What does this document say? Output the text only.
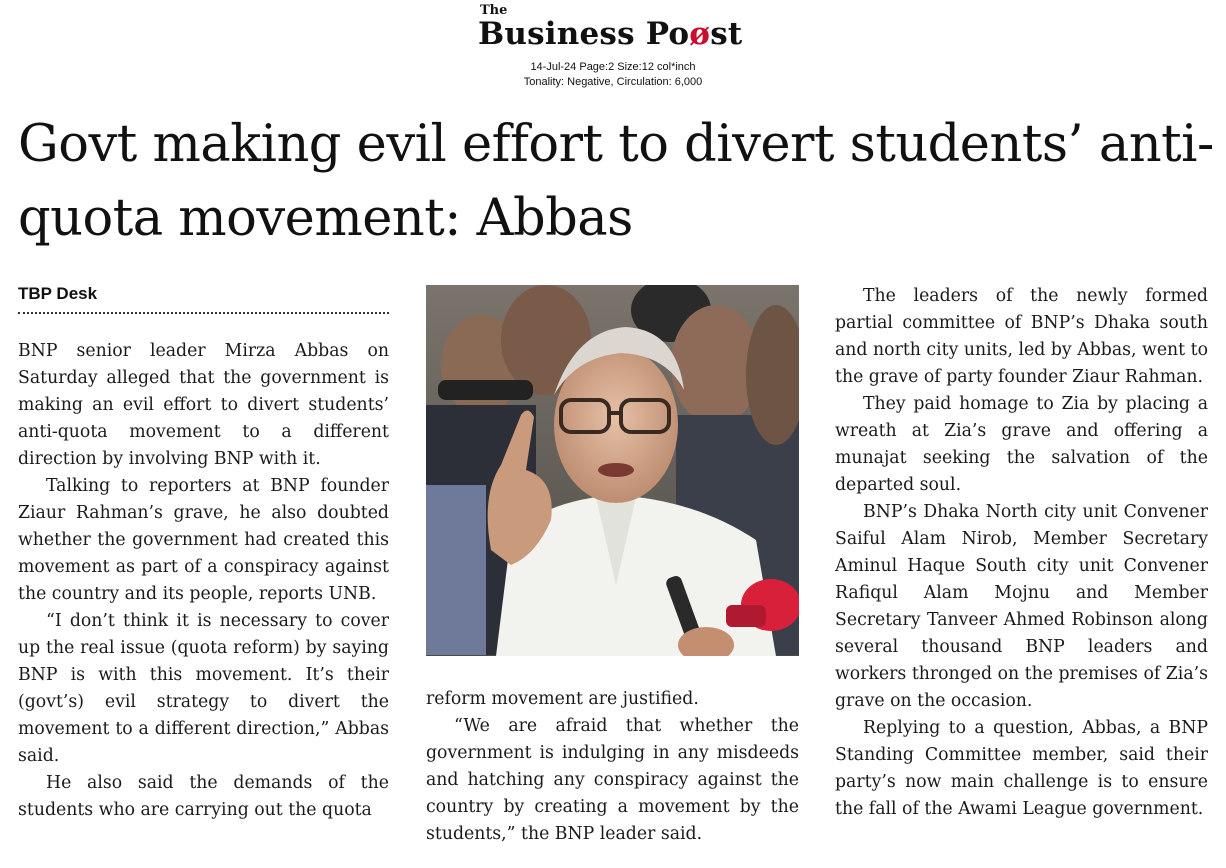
The
Business Poøst
14-Jul-24 Page:2 Size:12 col*inch
Tonality: Negative, Circulation: 6,000
Govt making evil effort to divert students’ anti-quota movement: Abbas
TBP Desk

BNP senior leader Mirza Abbas on Saturday alleged that the government is making an evil effort to divert students’ anti-quota movement to a different direction by involving BNP with it.

Talking to reporters at BNP founder Ziaur Rahman’s grave, he also doubted whether the government had created this movement as part of a conspiracy against the country and its people, reports UNB.

“I don’t think it is necessary to cover up the real issue (quota reform) by saying BNP is with this movement. It’s their (govt’s) evil strategy to divert the movement to a different direction,” Abbas said.

He also said the demands of the students who are carrying out the quota

reform movement are justified.

“We are afraid that whether the government is indulging in any misdeeds and hatching any conspiracy against the country by creating a movement by the students,” the BNP leader said.

The leaders of the newly formed partial committee of BNP’s Dhaka south and north city units, led by Abbas, went to the grave of party founder Ziaur Rahman.

They paid homage to Zia by placing a wreath at Zia’s grave and offering a munajat seeking the salvation of the departed soul.

BNP’s Dhaka North city unit Convener Saiful Alam Nirob, Member Secretary Aminul Haque South city unit Convener Rafiqul Alam Mojnu and Member Secretary Tanveer Ahmed Robinson along several thousand BNP leaders and workers thronged on the premises of Zia’s grave on the occasion.

Replying to a question, Abbas, a BNP Standing Committee member, said their party’s now main challenge is to ensure the fall of the Awami League government.
